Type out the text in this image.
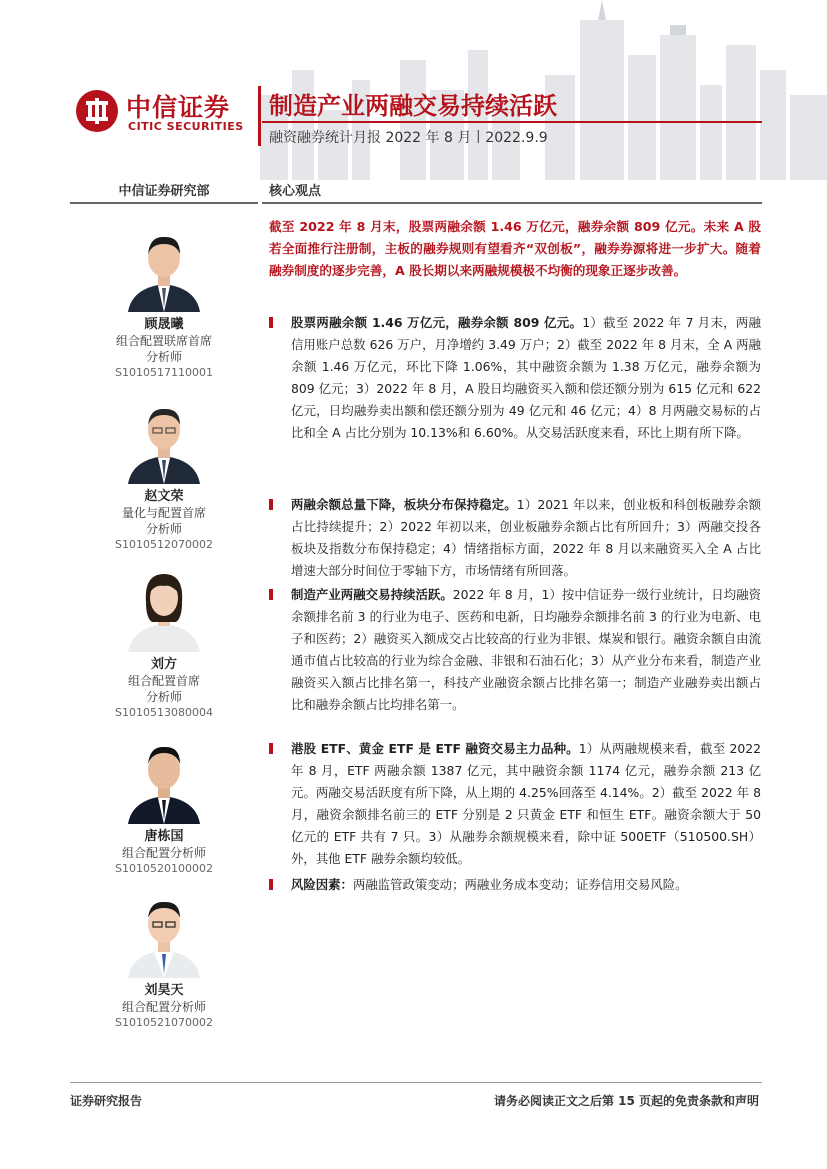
中信证券
CITIC SECURITIES
制造产业两融交易持续活跃
融资融券统计月报 2022 年 8 月丨2022.9.9
中信证券研究部
顾晟曦
组合配置联席首席
分析师
S1010517110001
赵文荣
量化与配置首席
分析师
S1010512070002
刘方
组合配置首席
分析师
S1010513080004
唐栋国
组合配置分析师
S1010520100002
刘昊天
组合配置分析师
S1010521070002
核心观点
截至 2022 年 8 月末，股票两融余额 1.46 万亿元，融券余额 809 亿元。未来 A 股若全面推行注册制，主板的融券规则有望看齐“双创板”，融券券源将进一步扩大。随着融券制度的逐步完善，A 股长期以来两融规模极不均衡的现象正逐步改善。
股票两融余额 1.46 万亿元，融券余额 809 亿元。1）截至 2022 年 7 月末，两融信用账户总数 626 万户，月净增约 3.49 万户；2）截至 2022 年 8 月末，全 A 两融余额 1.46 万亿元，环比下降 1.06%，其中融资余额为 1.38 万亿元，融券余额为 809 亿元；3）2022 年 8 月，A 股日均融资买入额和偿还额分别为 615 亿元和 622 亿元，日均融券卖出额和偿还额分别为 49 亿元和 46 亿元；4）8 月两融交易标的占比和全 A 占比分别为 10.13%和 6.60%。从交易活跃度来看，环比上期有所下降。
两融余额总量下降，板块分布保持稳定。1）2021 年以来，创业板和科创板融券余额占比持续提升；2）2022 年初以来，创业板融券余额占比有所回升；3）两融交投各板块及指数分布保持稳定；4）情绪指标方面，2022 年 8 月以来融资买入全 A 占比增速大部分时间位于零轴下方，市场情绪有所回落。
制造产业两融交易持续活跃。2022 年 8 月，1）按中信证券一级行业统计，日均融资余额排名前 3 的行业为电子、医药和电新，日均融券余额排名前 3 的行业为电新、电子和医药；2）融资买入额成交占比较高的行业为非银、煤炭和银行。融资余额自由流通市值占比较高的行业为综合金融、非银和石油石化；3）从产业分布来看，制造产业融资买入额占比排名第一，科技产业融资余额占比排名第一；制造产业融券卖出额占比和融券余额占比均排名第一。
港股 ETF、黄金 ETF 是 ETF 融资交易主力品种。1）从两融规模来看，截至 2022 年 8 月，ETF 两融余额 1387 亿元，其中融资余额 1174 亿元，融券余额 213 亿元。两融交易活跃度有所下降，从上期的 4.25%回落至 4.14%。2）截至 2022 年 8 月，融资余额排名前三的 ETF 分别是 2 只黄金 ETF 和恒生 ETF。融资余额大于 50 亿元的 ETF 共有 7 只。3）从融券余额规模来看，除中证 500ETF（510500.SH）外，其他 ETF 融券余额均较低。
风险因素：两融监管政策变动；两融业务成本变动；证券信用交易风险。
证券研究报告	请务必阅读正文之后第 15 页起的免责条款和声明
